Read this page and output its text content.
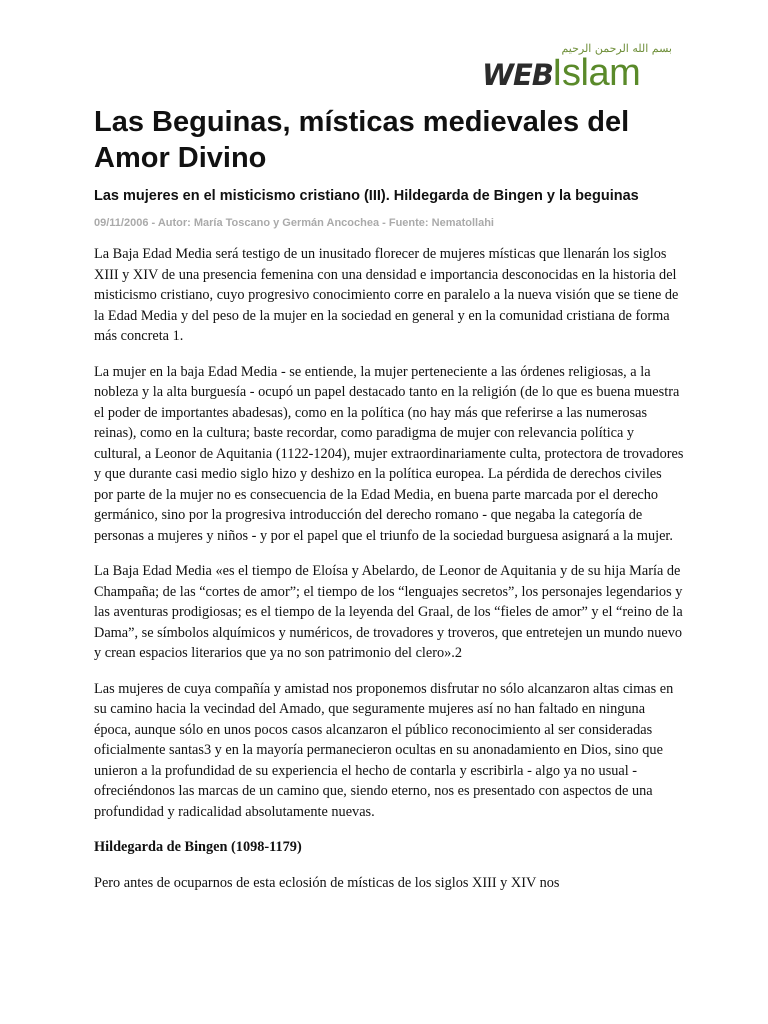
بسم الله الرحمن الرحيم
WEB Islam
Las Beguinas, místicas medievales del Amor Divino
Las mujeres en el misticismo cristiano (III). Hildegarda de Bingen y la beguinas
09/11/2006 - Autor: María Toscano y Germán Ancochea - Fuente: Nematollahi

La Baja Edad Media será testigo de un inusitado florecer de mujeres místicas que llenarán los siglos XIII y XIV de una presencia femenina con una densidad e importancia desconocidas en la historia del misticismo cristiano, cuyo progresivo conocimiento corre en paralelo a la nueva visión que se tiene de la Edad Media y del peso de la mujer en la sociedad en general y en la comunidad cristiana de forma más concreta 1.

La mujer en la baja Edad Media - se entiende, la mujer perteneciente a las órdenes religiosas, a la nobleza y la alta burguesía - ocupó un papel destacado tanto en la religión (de lo que es buena muestra el poder de importantes abadesas), como en la política (no hay más que referirse a las numerosas reinas), como en la cultura; baste recordar, como paradigma de mujer con relevancia política y cultural, a Leonor de Aquitania (1122-1204), mujer extraordinariamente culta, protectora de trovadores y que durante casi medio siglo hizo y deshizo en la política europea. La pérdida de derechos civiles por parte de la mujer no es consecuencia de la Edad Media, en buena parte marcada por el derecho germánico, sino por la progresiva introducción del derecho romano - que negaba la categoría de personas a mujeres y niños - y por el papel que el triunfo de la sociedad burguesa asignará a la mujer.

La Baja Edad Media «es el tiempo de Eloísa y Abelardo, de Leonor de Aquitania y de su hija María de Champaña; de las “cortes de amor”; el tiempo de los “lenguajes secretos”, los personajes legendarios y las aventuras prodigiosas; es el tiempo de la leyenda del Graal, de los “fieles de amor” y el “reino de la Dama”, se símbolos alquímicos y numéricos, de trovadores y troveros, que entretejen un mundo nuevo y crean espacios literarios que ya no son patrimonio del clero».2

Las mujeres de cuya compañía y amistad nos proponemos disfrutar no sólo alcanzaron altas cimas en su camino hacia la vecindad del Amado, que seguramente mujeres así no han faltado en ninguna época, aunque sólo en unos pocos casos alcanzaron el público reconocimiento al ser consideradas oficialmente santas3 y en la mayoría permanecieron ocultas en su anonadamiento en Dios, sino que unieron a la profundidad de su experiencia el hecho de contarla y escribirla - algo ya no usual - ofreciéndonos las marcas de un camino que, siendo eterno, nos es presentado con aspectos de una profundidad y radicalidad absolutamente nuevas.

Hildegarda de Bingen (1098-1179)

Pero antes de ocuparnos de esta eclosión de místicas de los siglos XIII y XIV nos
